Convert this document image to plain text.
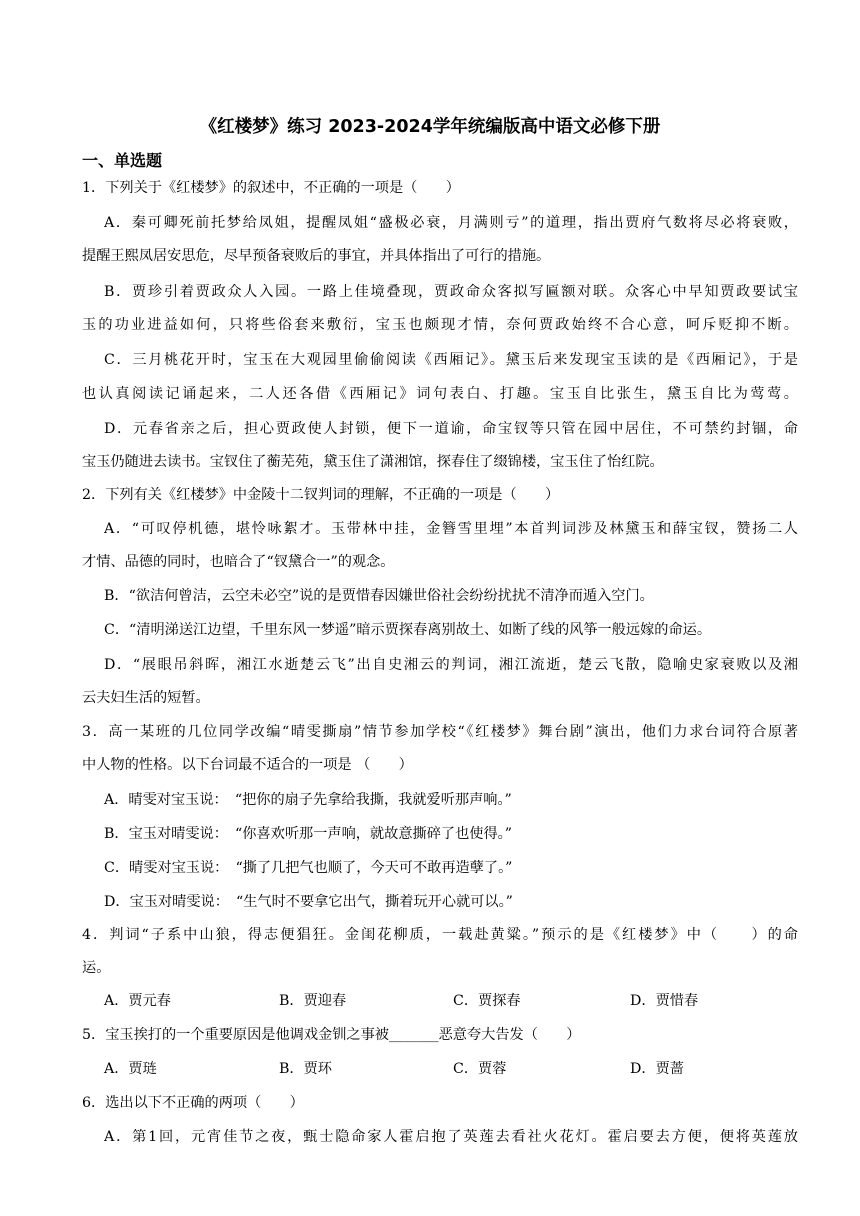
《红楼梦》练习 2023-2024学年统编版高中语文必修下册
一、单选题
1．下列关于《红楼梦》的叙述中，不正确的一项是（　　）
A．秦可卿死前托梦给凤姐，提醒凤姐“盛极必衰，月满则亏”的道理，指出贾府气数将尽必将衰败，
提醒王熙凤居安思危，尽早预备衰败后的事宜，并具体指出了可行的措施。
B．贾珍引着贾政众人入园。一路上佳境叠现，贾政命众客拟写匾额对联。众客心中早知贾政要试宝
玉的功业进益如何，只将些俗套来敷衍，宝玉也颇现才情，奈何贾政始终不合心意，呵斥贬抑不断。
C．三月桃花开时，宝玉在大观园里偷偷阅读《西厢记》。黛玉后来发现宝玉读的是《西厢记》，于是
也认真阅读记诵起来，二人还各借《西厢记》词句表白、打趣。宝玉自比张生，黛玉自比为莺莺。
D．元春省亲之后，担心贾政使人封锁，便下一道谕，命宝钗等只管在园中居住，不可禁约封锢，命
宝玉仍随进去读书。宝钗住了蘅芜苑，黛玉住了潇湘馆，探春住了缀锦楼，宝玉住了怡红院。
2．下列有关《红楼梦》中金陵十二钗判词的理解，不正确的一项是（　　）
A．“可叹停机德，堪怜咏絮才。玉带林中挂，金簪雪里埋”本首判词涉及林黛玉和薛宝钗，赞扬二人
才情、品德的同时，也暗合了“钗黛合一”的观念。
B．“欲洁何曾洁，云空未必空”说的是贾惜春因嫌世俗社会纷纷扰扰不清净而遁入空门。
C．“清明涕送江边望，千里东风一梦遥”暗示贾探春离别故土、如断了线的风筝一般远嫁的命运。
D．“展眼吊斜晖，湘江水逝楚云飞”出自史湘云的判词，湘江流逝，楚云飞散，隐喻史家衰败以及湘
云夫妇生活的短暂。
3．高一某班的几位同学改编“晴雯撕扇”情节参加学校“《红楼梦》舞台剧”演出，他们力求台词符合原著
中人物的性格。以下台词最不适合的一项是 （　　）
A．晴雯对宝玉说：　“把你的扇子先拿给我撕，我就爱听那声响。”
B．宝玉对晴雯说：　“你喜欢听那一声响，就故意撕碎了也使得。”
C．晴雯对宝玉说：　“撕了几把气也顺了，今天可不敢再造孽了。”
D．宝玉对晴雯说：　“生气时不要拿它出气，撕着玩开心就可以。”
4．判词“子系中山狼，得志便猖狂。金闺花柳质，一载赴黄粱。”预示的是《红楼梦》中（　　）的命
运。
A．贾元春	B．贾迎春	C．贾探春	D．贾惜春
5．宝玉挨打的一个重要原因是他调戏金钏之事被_______恶意夸大告发（　　）
A．贾琏	B．贾环	C．贾蓉	D．贾蔷
6．选出以下不正确的两项（　　）
A．第1回，元宵佳节之夜，甄士隐命家人霍启抱了英莲去看社火花灯。霍启要去方便，便将英莲放
